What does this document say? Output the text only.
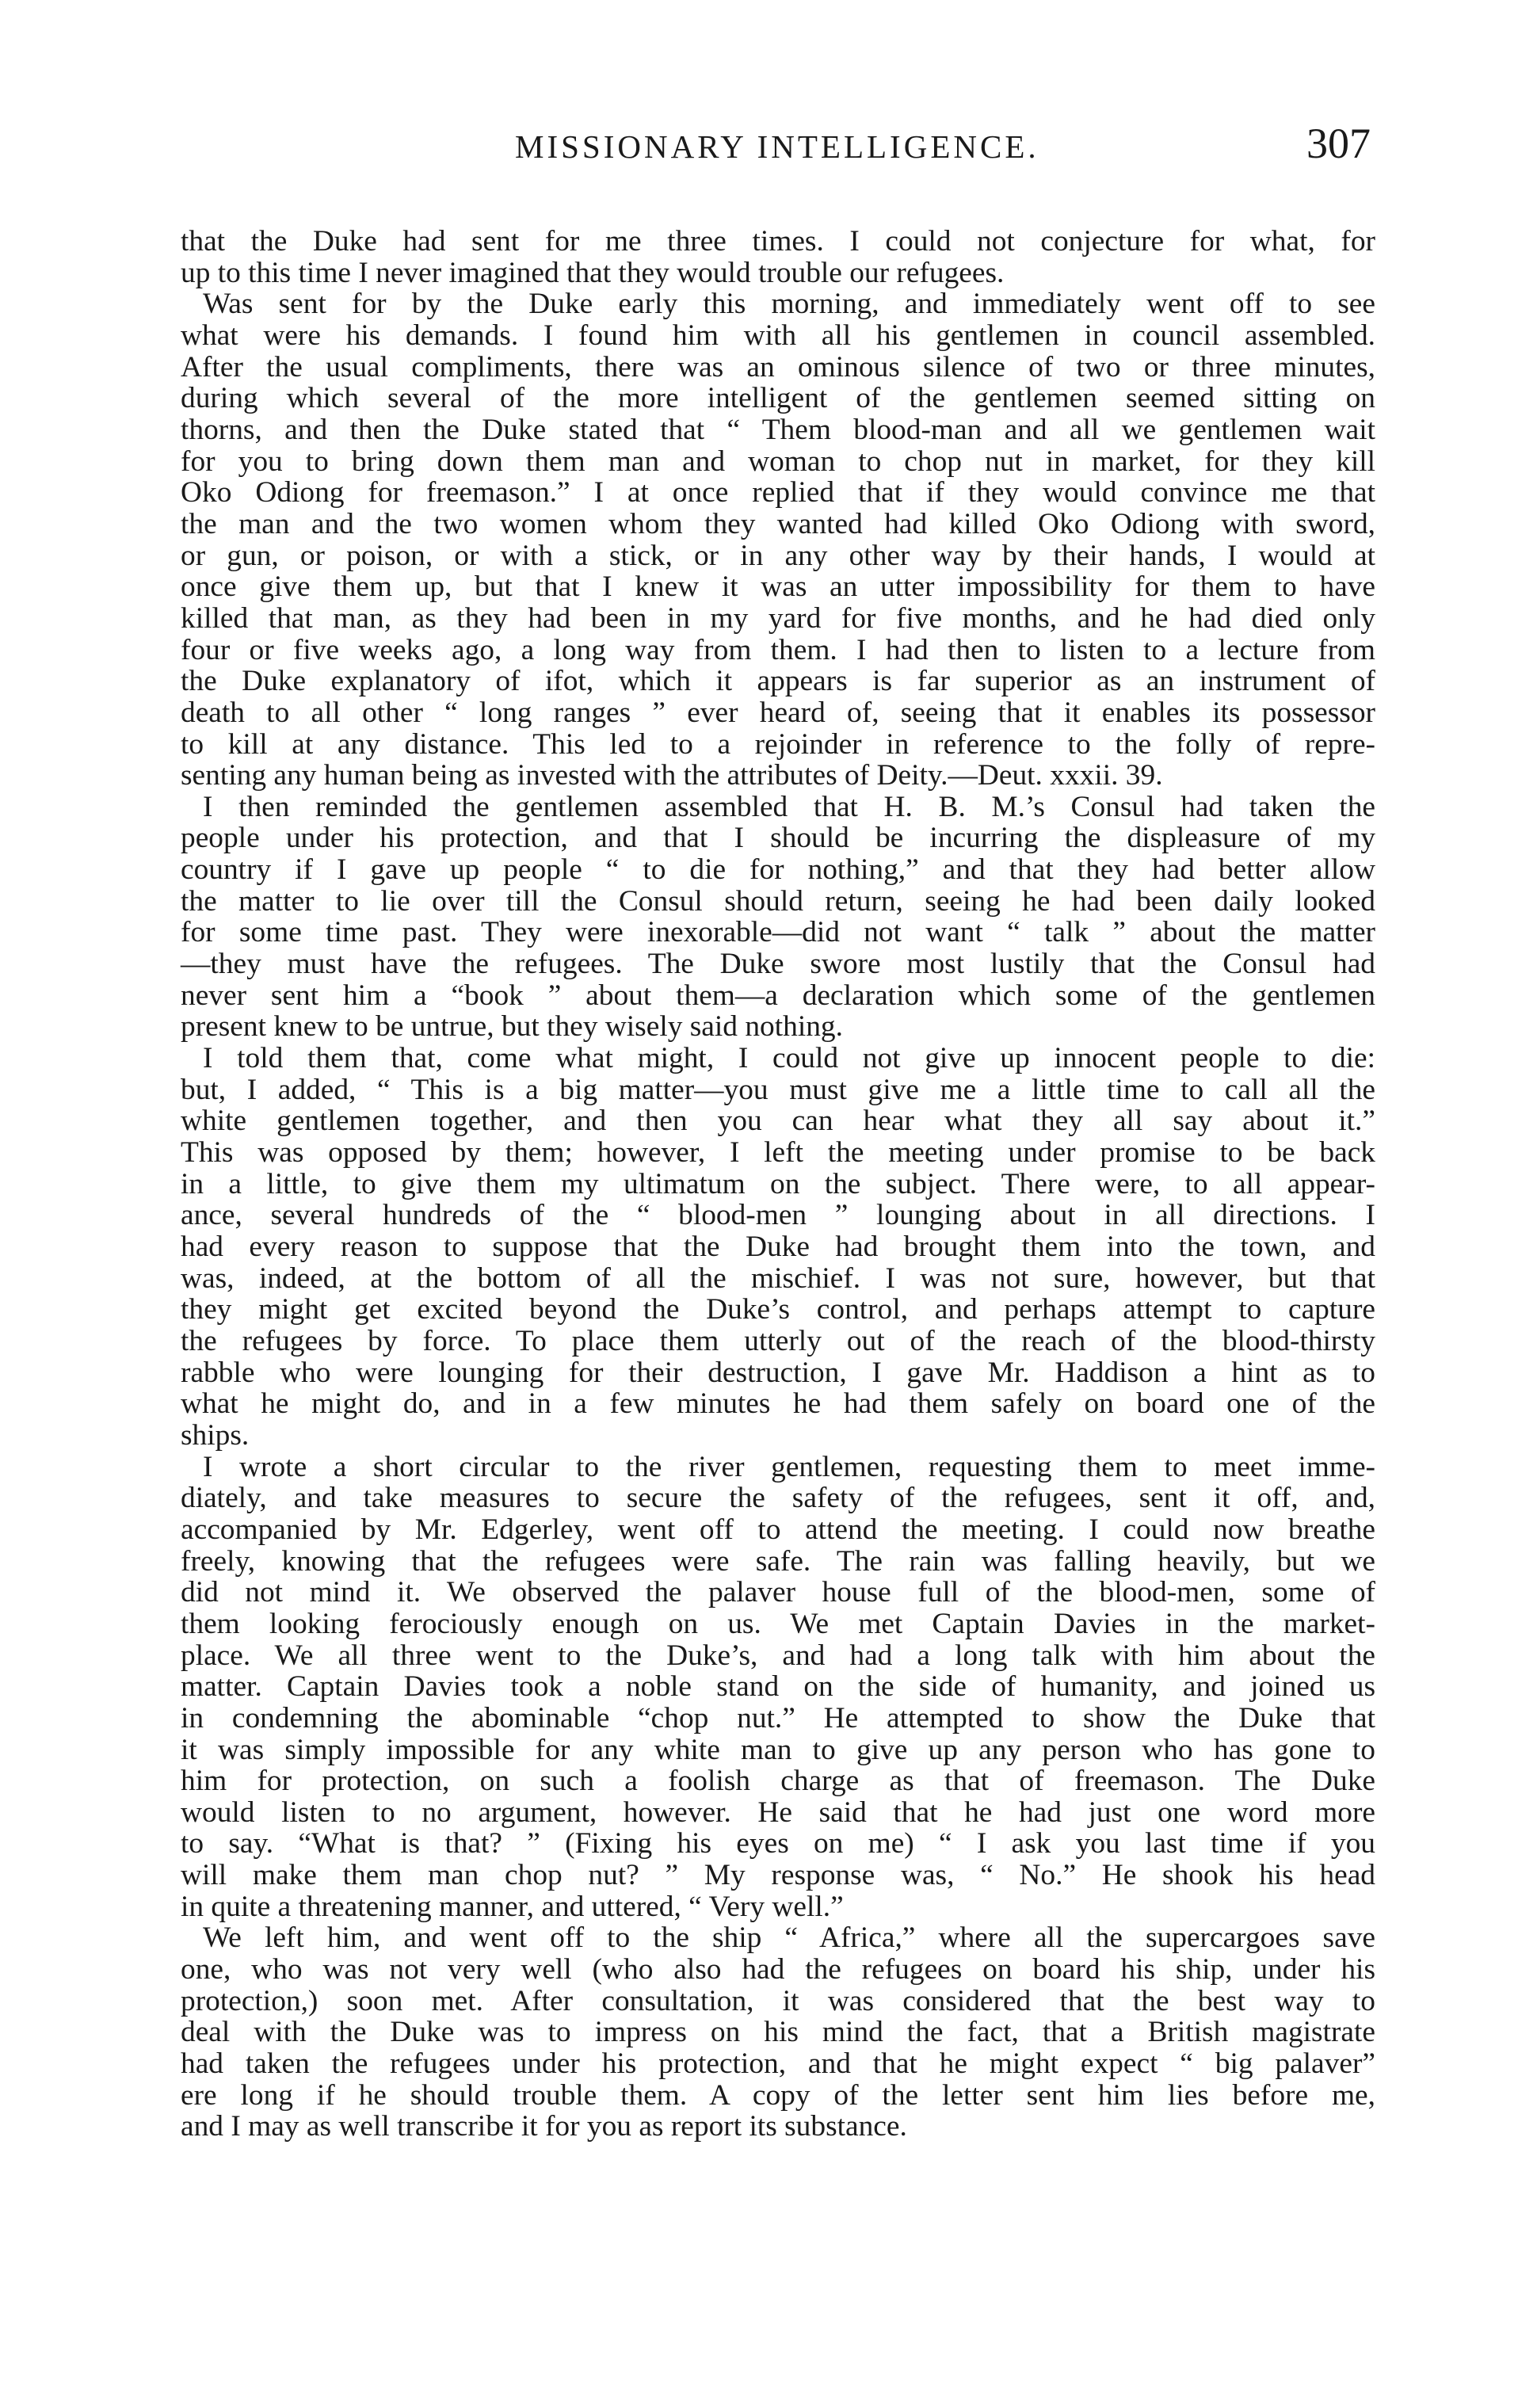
MISSIONARY INTELLIGENCE.	307

that the Duke had sent for me three times. I could not conjecture for what, for
up to this time I never imagined that they would trouble our refugees.

Was sent for by the Duke early this morning, and immediately went off to see
what were his demands. I found him with all his gentlemen in council assembled.
After the usual compliments, there was an ominous silence of two or three minutes,
during which several of the more intelligent of the gentlemen seemed sitting on
thorns, and then the Duke stated that “ Them blood-man and all we gentlemen wait
for you to bring down them man and woman to chop nut in market, for they kill
Oko Odiong for freemason.” I at once replied that if they would convince me that
the man and the two women whom they wanted had killed Oko Odiong with sword,
or gun, or poison, or with a stick, or in any other way by their hands, I would at
once give them up, but that I knew it was an utter impossibility for them to have
killed that man, as they had been in my yard for five months, and he had died only
four or five weeks ago, a long way from them. I had then to listen to a lecture from
the Duke explanatory of ifot, which it appears is far superior as an instrument of
death to all other “ long ranges ” ever heard of, seeing that it enables its possessor
to kill at any distance. This led to a rejoinder in reference to the folly of repre-
senting any human being as invested with the attributes of Deity.—Deut. xxxii. 39.

I then reminded the gentlemen assembled that H. B. M.’s Consul had taken the
people under his protection, and that I should be incurring the displeasure of my
country if I gave up people “ to die for nothing,” and that they had better allow
the matter to lie over till the Consul should return, seeing he had been daily looked
for some time past. They were inexorable—did not want “ talk ” about the matter
—they must have the refugees. The Duke swore most lustily that the Consul had
never sent him a “book ” about them—a declaration which some of the gentlemen
present knew to be untrue, but they wisely said nothing.

I told them that, come what might, I could not give up innocent people to die:
but, I added, “ This is a big matter—you must give me a little time to call all the
white gentlemen together, and then you can hear what they all say about it.”
This was opposed by them; however, I left the meeting under promise to be back
in a little, to give them my ultimatum on the subject. There were, to all appear-
ance, several hundreds of the “ blood-men ” lounging about in all directions. I
had every reason to suppose that the Duke had brought them into the town, and
was, indeed, at the bottom of all the mischief. I was not sure, however, but that
they might get excited beyond the Duke’s control, and perhaps attempt to capture
the refugees by force. To place them utterly out of the reach of the blood-thirsty
rabble who were lounging for their destruction, I gave Mr. Haddison a hint as to
what he might do, and in a few minutes he had them safely on board one of the
ships.

I wrote a short circular to the river gentlemen, requesting them to meet imme-
diately, and take measures to secure the safety of the refugees, sent it off, and,
accompanied by Mr. Edgerley, went off to attend the meeting. I could now breathe
freely, knowing that the refugees were safe. The rain was falling heavily, but we
did not mind it. We observed the palaver house full of the blood-men, some of
them looking ferociously enough on us. We met Captain Davies in the market-
place. We all three went to the Duke’s, and had a long talk with him about the
matter. Captain Davies took a noble stand on the side of humanity, and joined us
in condemning the abominable “chop nut.” He attempted to show the Duke that
it was simply impossible for any white man to give up any person who has gone to
him for protection, on such a foolish charge as that of freemason. The Duke
would listen to no argument, however. He said that he had just one word more
to say. “What is that? ” (Fixing his eyes on me) “ I ask you last time if you
will make them man chop nut? ” My response was, “ No.” He shook his head
in quite a threatening manner, and uttered, “ Very well.”

We left him, and went off to the ship “ Africa,” where all the supercargoes save
one, who was not very well (who also had the refugees on board his ship, under his
protection,) soon met. After consultation, it was considered that the best way to
deal with the Duke was to impress on his mind the fact, that a British magistrate
had taken the refugees under his protection, and that he might expect “ big palaver”
ere long if he should trouble them. A copy of the letter sent him lies before me,
and I may as well transcribe it for you as report its substance.
